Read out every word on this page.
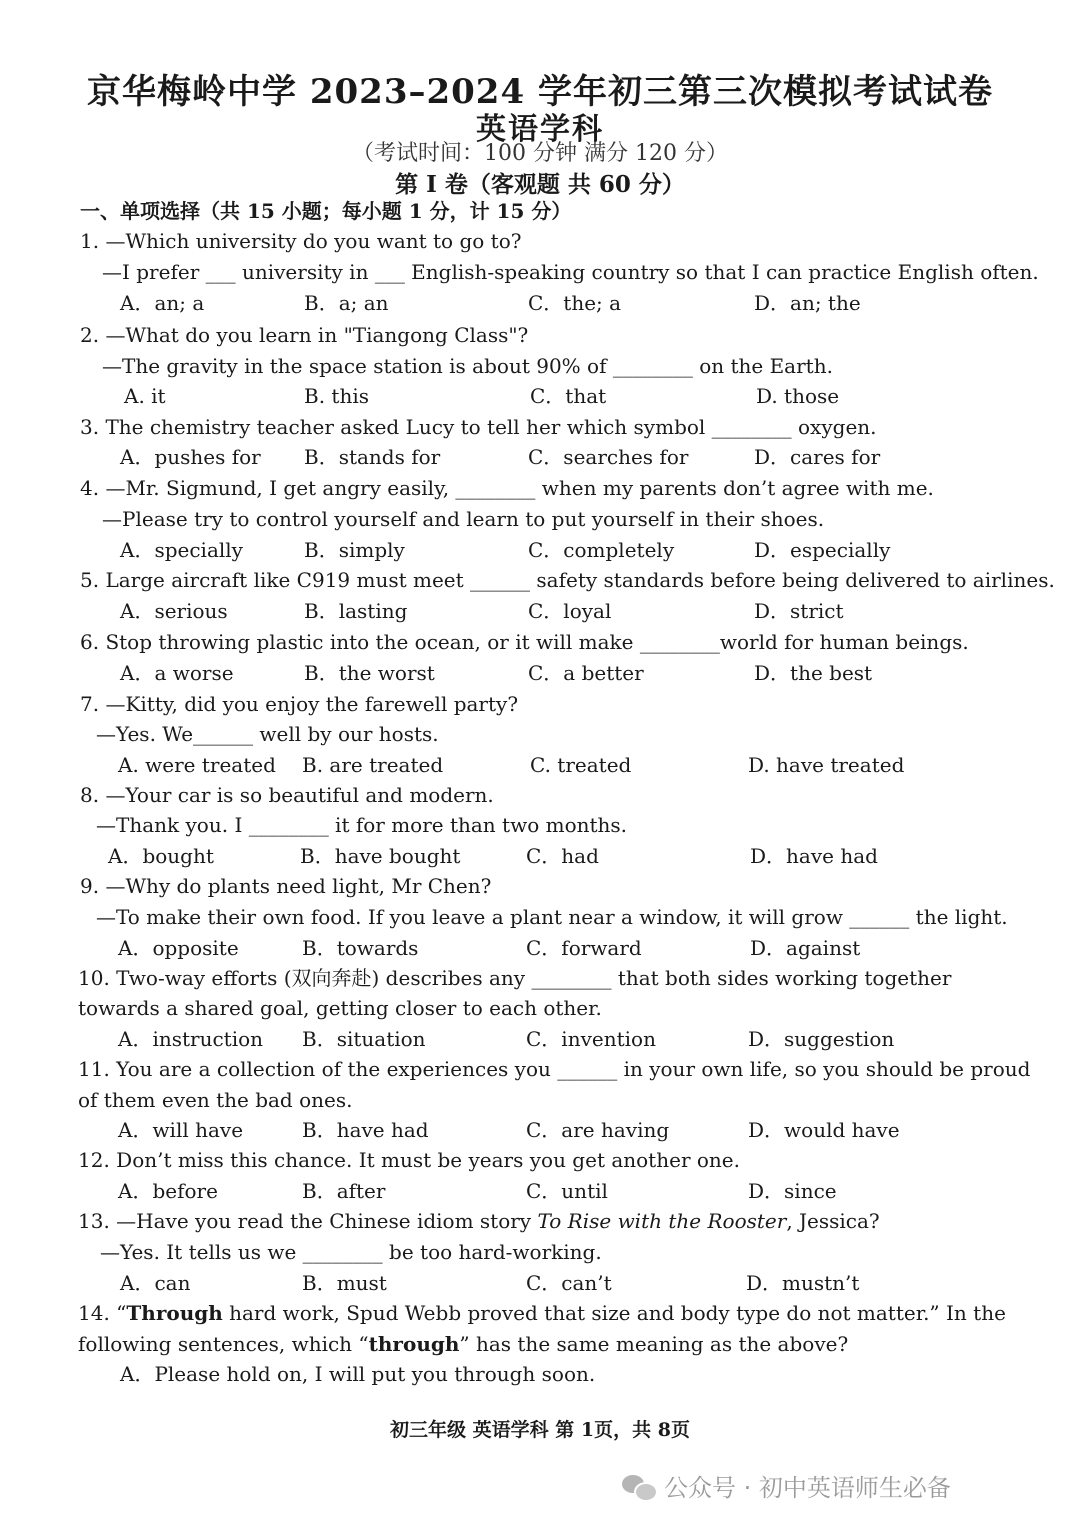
京华梅岭中学 2023–2024 学年初三第三次模拟考试试卷
英语学科
（考试时间：100 分钟 满分 120 分）
第 I 卷（客观题 共 60 分）
一、单项选择（共 15 小题；每小题 1 分，计 15 分）
1. —Which university do you want to go to?
—I prefer ___ university in ___ English-speaking country so that I can practice English often.
A．an; a	B．a; an	C．the; a	D．an; the
2. —What do you learn in "Tiangong Class"?
—The gravity in the space station is about 90% of ________ on the Earth.
A. it	B. this	C．that	D. those
3. The chemistry teacher asked Lucy to tell her which symbol ________ oxygen.
A．pushes for B．stands for	C．searches for	D．cares for
4. —Mr. Sigmund, I get angry easily, ________ when my parents don’t agree with me.
—Please try to control yourself and learn to put yourself in their shoes.
A．specially	B．simply	C．completely	D．especially
5. Large aircraft like C919 must meet ______ safety standards before being delivered to airlines.
A．serious	B．lasting	C．loyal	D．strict
6. Stop throwing plastic into the ocean, or it will make ________world for human beings.
A．a worse	B．the worst	C．a better	D．the best
7. —Kitty, did you enjoy the farewell party?
—Yes. We______ well by our hosts.
A. were treated B. are treated	C. treated	D. have treated
8. —Your car is so beautiful and modern.
—Thank you. I ________ it for more than two months.
A．bought	B．have bought	C．had	D．have had
9. —Why do plants need light, Mr Chen?
—To make their own food. If you leave a plant near a window, it will grow ______ the light.
A．opposite	B．towards	C．forward	D．against
10. Two-way efforts (双向奔赴) describes any ________ that both sides working together
towards a shared goal, getting closer to each other.
A．instruction B．situation	C．invention	D．suggestion
11. You are a collection of the experiences you ______ in your own life, so you should be proud
of them even the bad ones.
A．will have	B．have had	C．are having	D．would have
12. Don’t miss this chance. It must be years you get another one.
A．before	B．after	C．until	D．since
13. —Have you read the Chinese idiom story To Rise with the Rooster, Jessica?
—Yes. It tells us we ________ be too hard-working.
A．can	B．must	C．can’t	D．mustn’t
14. “Through hard work, Spud Webb proved that size and body type do not matter.” In the
following sentences, which “through” has the same meaning as the above?
A．Please hold on, I will put you through soon.
初三年级 英语学科 第 1页，共 8页
公众号 · 初中英语师生必备
